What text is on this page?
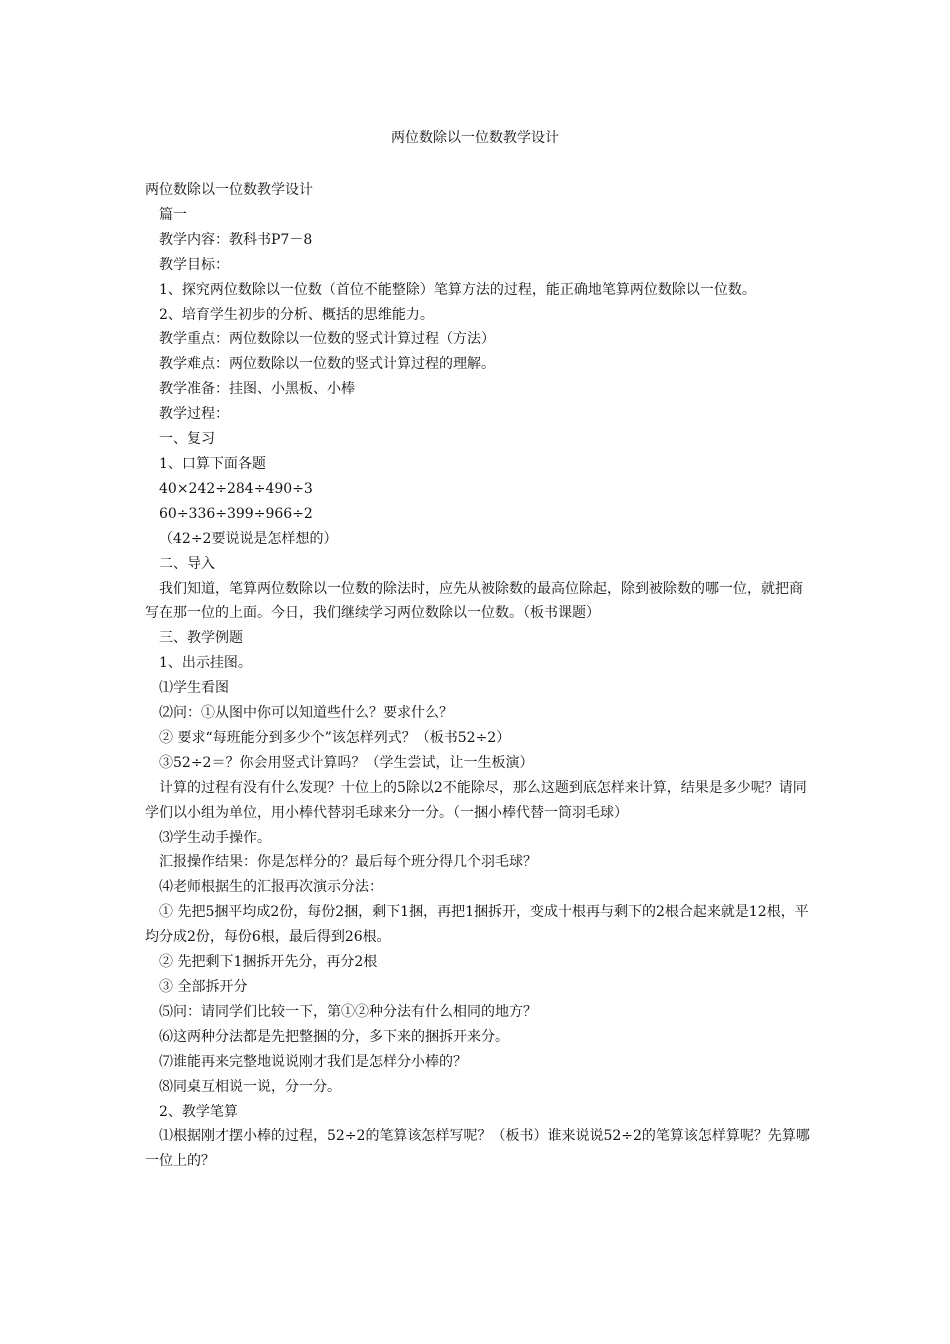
两位数除以一位数教学设计

两位数除以一位数教学设计

篇一

教学内容：教科书P7－8

教学目标：

1、探究两位数除以一位数（首位不能整除）笔算方法的过程，能正确地笔算两位数除以一位数。

2、培育学生初步的分析、概括的思维能力。

教学重点：两位数除以一位数的竖式计算过程（方法）

教学难点：两位数除以一位数的竖式计算过程的理解。

教学准备：挂图、小黑板、小棒

教学过程：

一、复习

1、口算下面各题

40×242÷284÷490÷3

60÷336÷399÷966÷2

（42÷2要说说是怎样想的）

二、导入

我们知道，笔算两位数除以一位数的除法时，应先从被除数的最高位除起，除到被除数的哪一位，就把商写在那一位的上面。今日，我们继续学习两位数除以一位数。（板书课题）

三、教学例题

1、出示挂图。

⑴学生看图

⑵问：①从图中你可以知道些什么？要求什么？

② 要求“每班能分到多少个”该怎样列式？（板书52÷2）

③52÷2＝？你会用竖式计算吗？（学生尝试，让一生板演）

计算的过程有没有什么发现？十位上的5除以2不能除尽，那么这题到底怎样来计算，结果是多少呢？请同学们以小组为单位，用小棒代替羽毛球来分一分。（一捆小棒代替一筒羽毛球）

⑶学生动手操作。

汇报操作结果：你是怎样分的？最后每个班分得几个羽毛球？

⑷老师根据生的汇报再次演示分法：

① 先把5捆平均成2份，每份2捆，剩下1捆，再把1捆拆开，变成十根再与剩下的2根合起来就是12根，平均分成2份，每份6根，最后得到26根。

② 先把剩下1捆拆开先分，再分2根

③ 全部拆开分

⑸问：请同学们比较一下，第①②种分法有什么相同的地方？

⑹这两种分法都是先把整捆的分，多下来的捆拆开来分。

⑺谁能再来完整地说说刚才我们是怎样分小棒的？

⑻同桌互相说一说，分一分。

2、教学笔算

⑴根据刚才摆小棒的过程，52÷2的笔算该怎样写呢？（板书）谁来说说52÷2的笔算该怎样算呢？先算哪一位上的？
